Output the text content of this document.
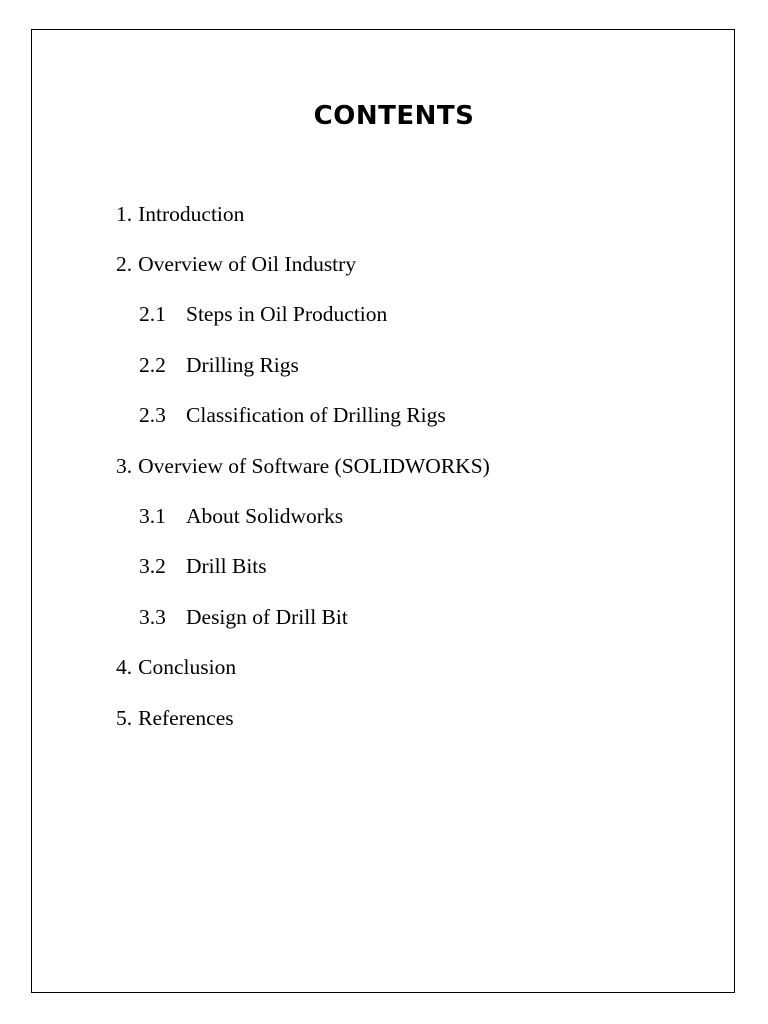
CONTENTS
1. Introduction
2. Overview of Oil Industry
2.1 Steps in Oil Production
2.2 Drilling Rigs
2.3 Classification of Drilling Rigs
3. Overview of Software (SOLIDWORKS)
3.1 About Solidworks
3.2 Drill Bits
3.3 Design of Drill Bit
4. Conclusion
5. References
